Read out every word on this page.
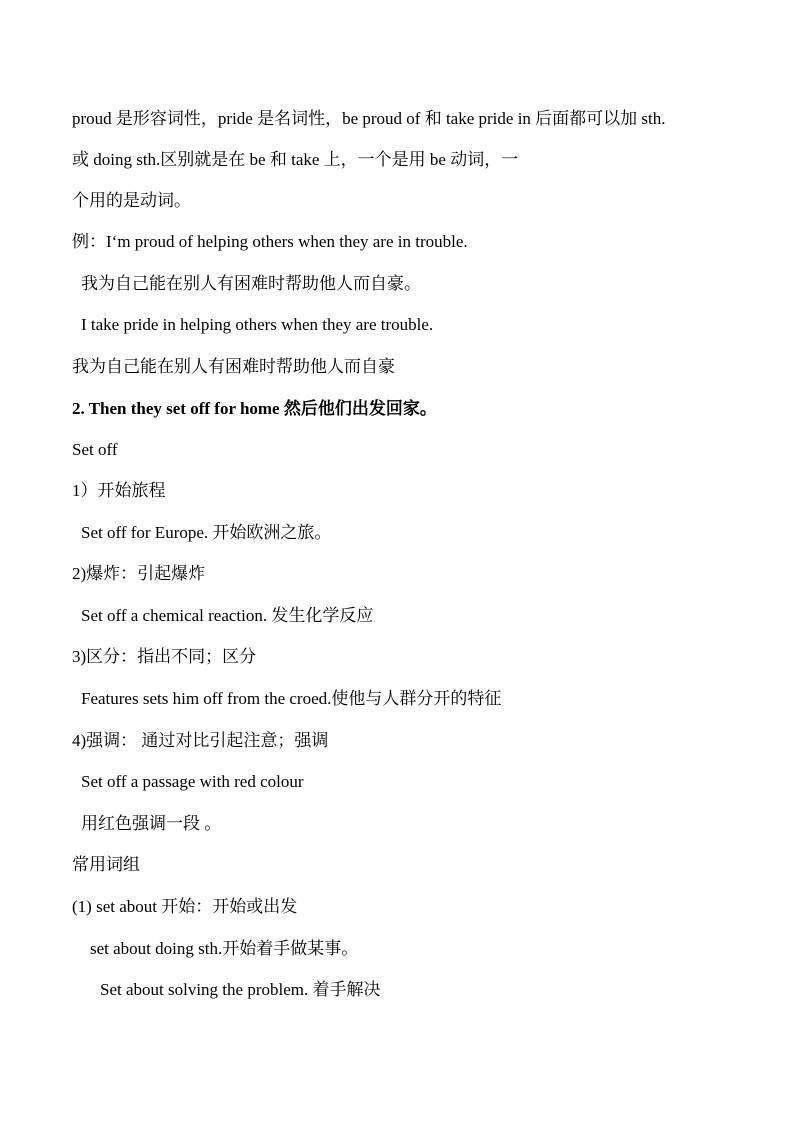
proud 是形容词性，pride 是名词性，be proud of 和 take pride in 后面都可以加 sth.
或 doing sth.区别就是在 be 和 take 上，一个是用 be 动词，一
个用的是动词。
例：I‘m proud of helping others when they are in trouble.
我为自己能在别人有困难时帮助他人而自豪。
I take pride in helping others when they are trouble.
我为自己能在别人有困难时帮助他人而自豪
2. Then they set off for home 然后他们出发回家。
Set off
1）开始旅程
Set off for Europe. 开始欧洲之旅。
2)爆炸：引起爆炸
Set off a chemical reaction. 发生化学反应
3)区分：指出不同；区分
Features sets him off from the croed.使他与人群分开的特征
4)强调： 通过对比引起注意；强调
Set off a passage with red colour
用红色强调一段 。
常用词组
(1) set about 开始：开始或出发
set about doing sth.开始着手做某事。
Set about solving the problem. 着手解决
